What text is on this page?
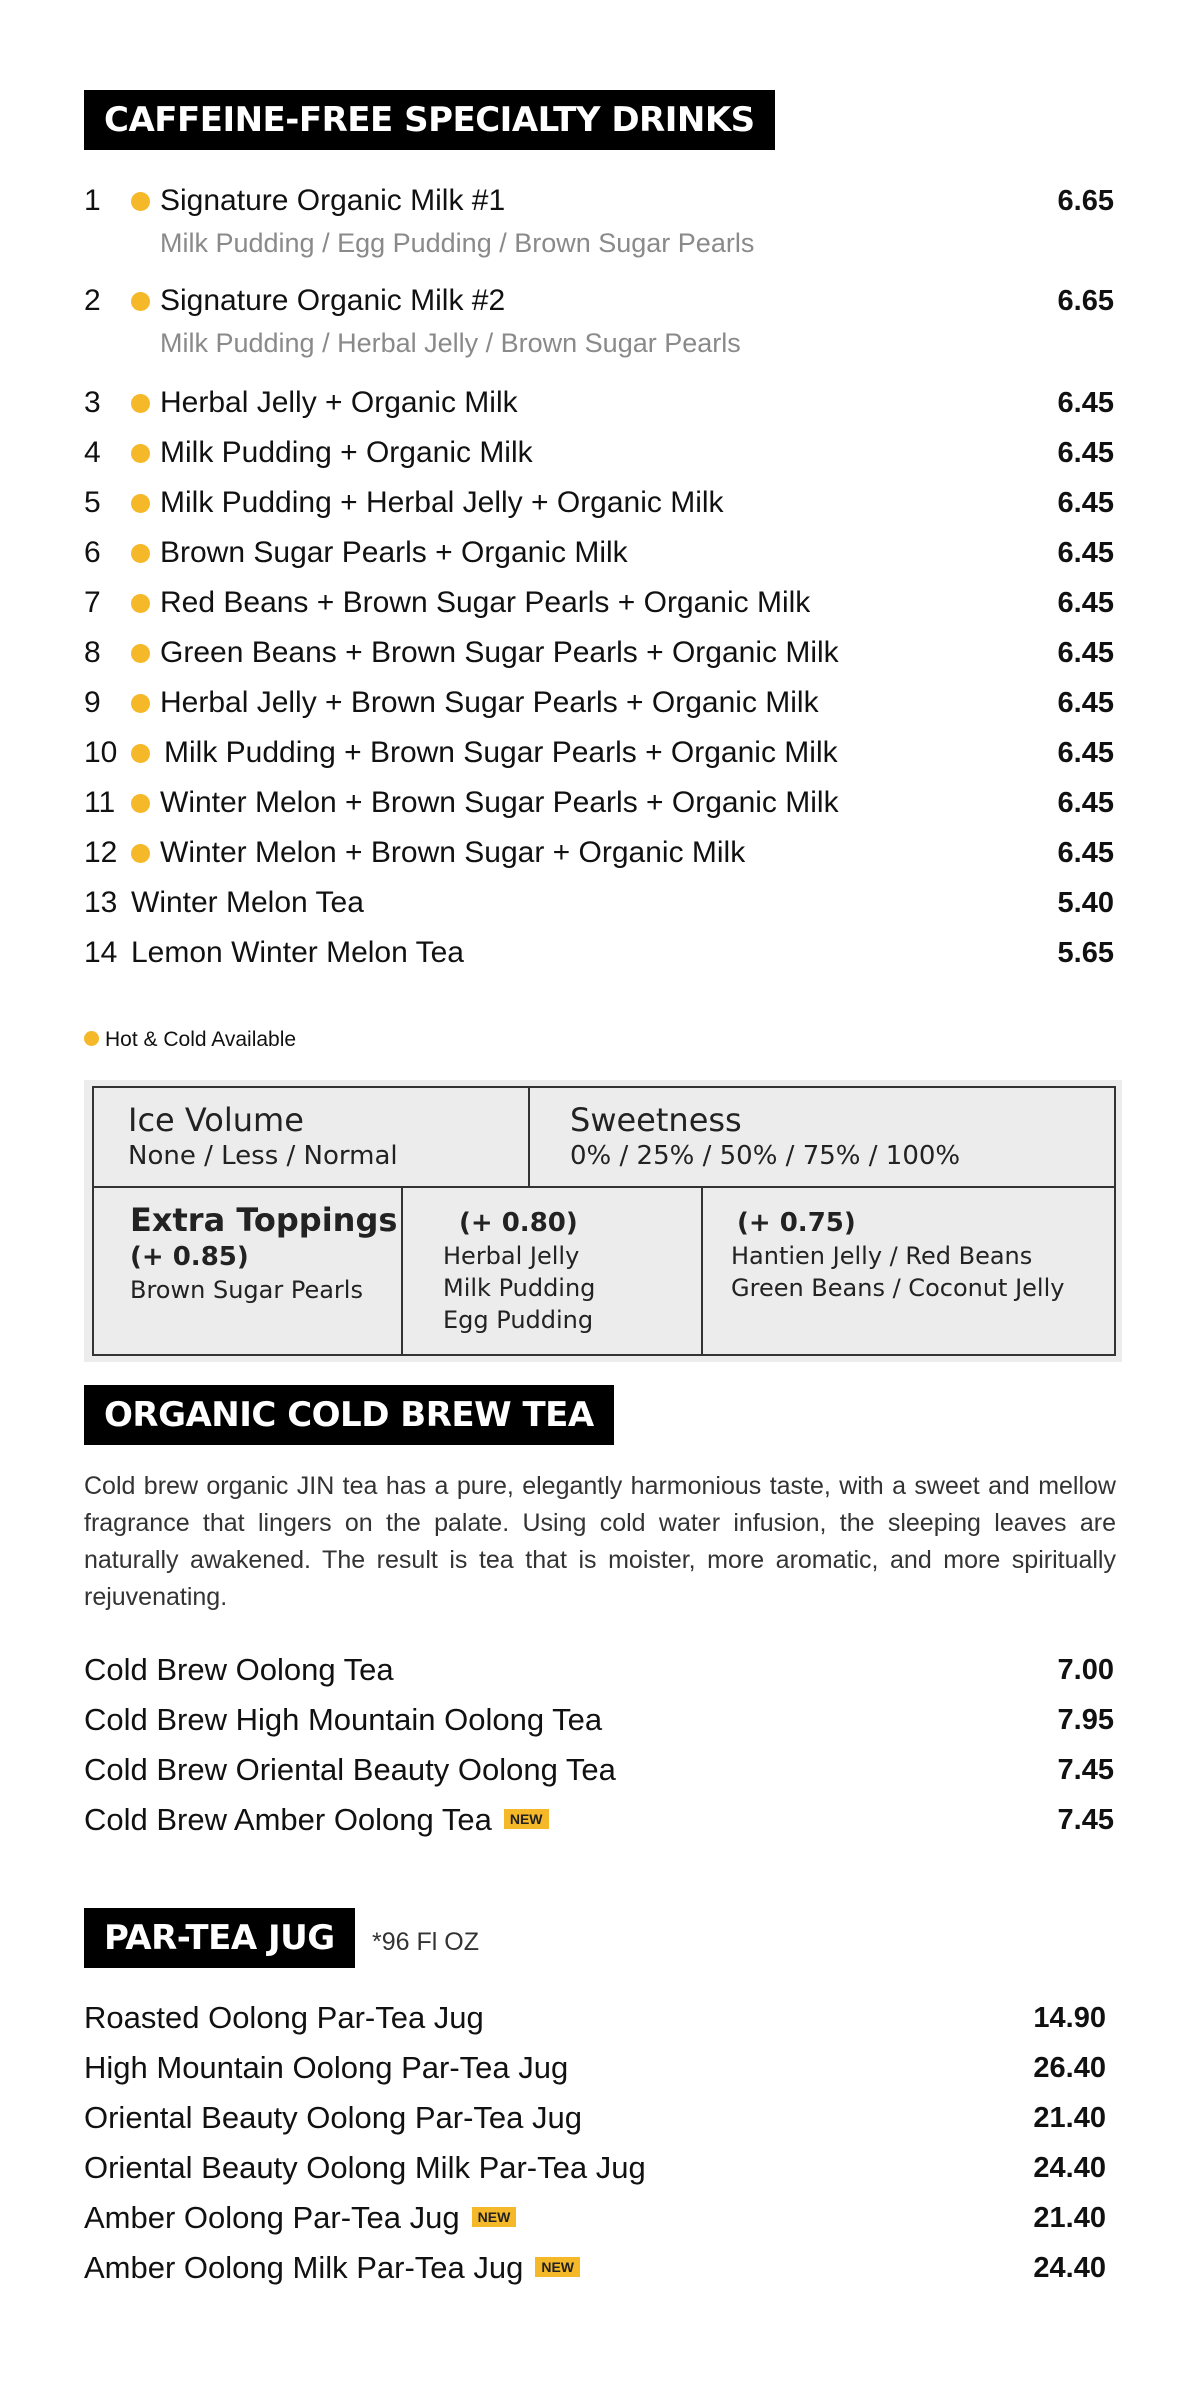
CAFFEINE-FREE SPECIALTY DRINKS
1 Signature Organic Milk #1	6.65
Milk Pudding / Egg Pudding / Brown Sugar Pearls
2 Signature Organic Milk #2	6.65
Milk Pudding / Herbal Jelly / Brown Sugar Pearls
3 Herbal Jelly + Organic Milk	6.45
4 Milk Pudding + Organic Milk	6.45
5 Milk Pudding + Herbal Jelly + Organic Milk	6.45
6 Brown Sugar Pearls + Organic Milk	6.45
7 Red Beans + Brown Sugar Pearls + Organic Milk	6.45
8 Green Beans + Brown Sugar Pearls + Organic Milk	6.45
9 Herbal Jelly + Brown Sugar Pearls + Organic Milk	6.45
10 Milk Pudding + Brown Sugar Pearls + Organic Milk	6.45
11 Winter Melon + Brown Sugar Pearls + Organic Milk	6.45
12 Winter Melon + Brown Sugar + Organic Milk	6.45
13 Winter Melon Tea	5.40
14 Lemon Winter Melon Tea	5.65
Hot & Cold Available
Ice Volume
None / Less / Normal
Sweetness
0% / 25% / 50% / 75% / 100%
Extra Toppings
(+ 0.85)
Brown Sugar Pearls
(+ 0.80)
Herbal Jelly
Milk Pudding
Egg Pudding
(+ 0.75)
Hantien Jelly / Red Beans
Green Beans / Coconut Jelly
ORGANIC COLD BREW TEA
Cold brew organic JIN tea has a pure, elegantly harmonious taste, with a sweet and mellow fragrance that lingers on the palate. Using cold water infusion, the sleeping leaves are naturally awakened. The result is tea that is moister, more aromatic, and more spiritually rejuvenating.
Cold Brew Oolong Tea	7.00
Cold Brew High Mountain Oolong Tea	7.95
Cold Brew Oriental Beauty Oolong Tea	7.45
Cold Brew Amber Oolong Tea NEW	7.45
PAR-TEA JUG	*96 Fl OZ
Roasted Oolong Par-Tea Jug	14.90
High Mountain Oolong Par-Tea Jug	26.40
Oriental Beauty Oolong Par-Tea Jug	21.40
Oriental Beauty Oolong Milk Par-Tea Jug	24.40
Amber Oolong Par-Tea Jug NEW	21.40
Amber Oolong Milk Par-Tea Jug NEW	24.40
